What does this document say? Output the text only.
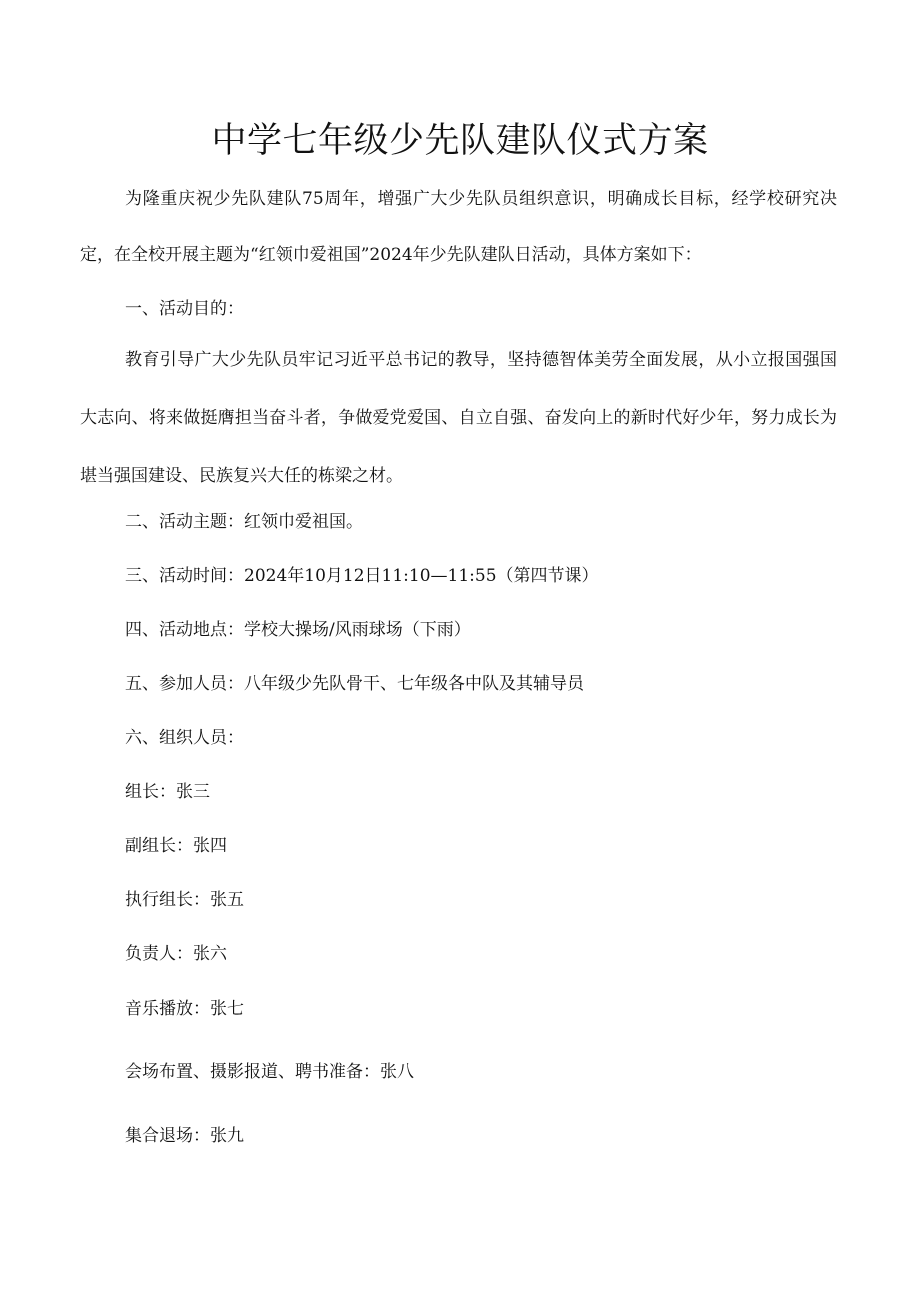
中学七年级少先队建队仪式方案

为隆重庆祝少先队建队75周年，增强广大少先队员组织意识，明确成长目标，经学校研究决定，在全校开展主题为“红领巾爱祖国”2024年少先队建队日活动，具体方案如下：

一、活动目的：

教育引导广大少先队员牢记习近平总书记的教导，坚持德智体美劳全面发展，从小立报国强国大志向、将来做挺膺担当奋斗者，争做爱党爱国、自立自强、奋发向上的新时代好少年，努力成长为堪当强国建设、民族复兴大任的栋梁之材。

二、活动主题：红领巾爱祖国。
三、活动时间：2024年10月12日11:10—11:55（第四节课）
四、活动地点：学校大操场/风雨球场（下雨）
五、参加人员：八年级少先队骨干、七年级各中队及其辅导员
六、组织人员：
组长：张三
副组长：张四
执行组长：张五
负责人：张六
音乐播放：张七
会场布置、摄影报道、聘书准备：张八
集合退场：张九
